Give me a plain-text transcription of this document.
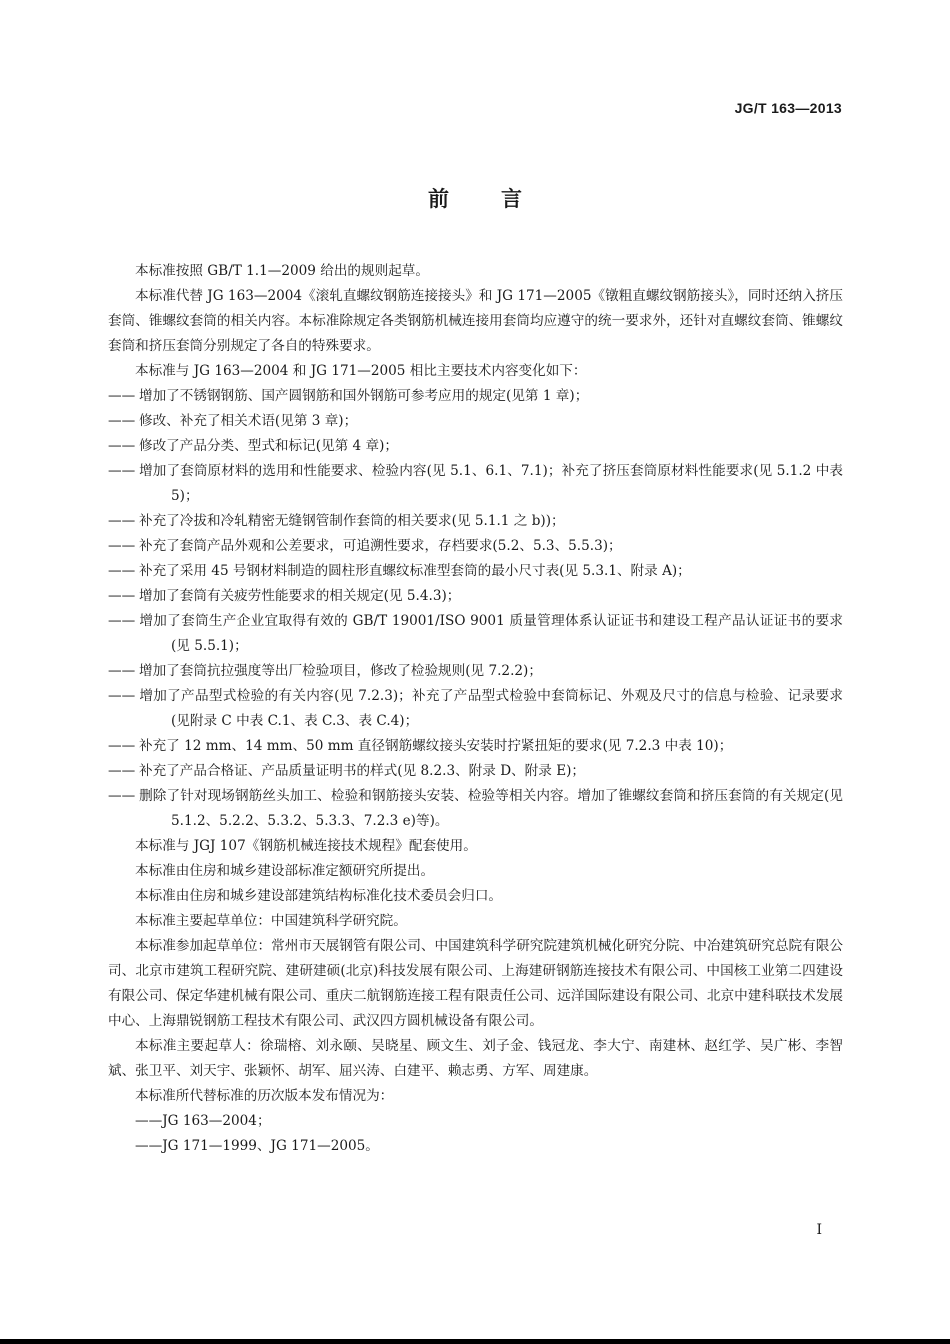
JG/T 163—2013
前言

本标准按照 GB/T 1.1—2009 给出的规则起草。

本标准代替 JG 163—2004《滚轧直螺纹钢筋连接接头》和 JG 171—2005《镦粗直螺纹钢筋接头》，同时还纳入挤压套筒、锥螺纹套筒的相关内容。本标准除规定各类钢筋机械连接用套筒均应遵守的统一要求外，还针对直螺纹套筒、锥螺纹套筒和挤压套筒分别规定了各自的特殊要求。

本标准与 JG 163—2004 和 JG 171—2005 相比主要技术内容变化如下：

—— 增加了不锈钢钢筋、国产圆钢筋和国外钢筋可参考应用的规定(见第 1 章)；

—— 修改、补充了相关术语(见第 3 章)；

—— 修改了产品分类、型式和标记(见第 4 章)；

—— 增加了套筒原材料的选用和性能要求、检验内容(见 5.1、6.1、7.1)；补充了挤压套筒原材料性能要求(见 5.1.2 中表 5)；

—— 补充了冷拔和冷轧精密无缝钢管制作套筒的相关要求(见 5.1.1 之 b))；

—— 补充了套筒产品外观和公差要求，可追溯性要求，存档要求(5.2、5.3、5.5.3)；

—— 补充了采用 45 号钢材料制造的圆柱形直螺纹标准型套筒的最小尺寸表(见 5.3.1、附录 A)；

—— 增加了套筒有关疲劳性能要求的相关规定(见 5.4.3)；

—— 增加了套筒生产企业宜取得有效的 GB/T 19001/ISO 9001 质量管理体系认证证书和建设工程产品认证证书的要求(见 5.5.1)；

—— 增加了套筒抗拉强度等出厂检验项目，修改了检验规则(见 7.2.2)；

—— 增加了产品型式检验的有关内容(见 7.2.3)；补充了产品型式检验中套筒标记、外观及尺寸的信息与检验、记录要求(见附录 C 中表 C.1、表 C.3、表 C.4)；

—— 补充了 12 mm、14 mm、50 mm 直径钢筋螺纹接头安装时拧紧扭矩的要求(见 7.2.3 中表 10)；

—— 补充了产品合格证、产品质量证明书的样式(见 8.2.3、附录 D、附录 E)；

—— 删除了针对现场钢筋丝头加工、检验和钢筋接头安装、检验等相关内容。增加了锥螺纹套筒和挤压套筒的有关规定(见 5.1.2、5.2.2、5.3.2、5.3.3、7.2.3 e)等)。

本标准与 JGJ 107《钢筋机械连接技术规程》配套使用。

本标准由住房和城乡建设部标准定额研究所提出。

本标准由住房和城乡建设部建筑结构标准化技术委员会归口。

本标准主要起草单位：中国建筑科学研究院。

本标准参加起草单位：常州市天展钢管有限公司、中国建筑科学研究院建筑机械化研究分院、中冶建筑研究总院有限公司、北京市建筑工程研究院、建研建硕(北京)科技发展有限公司、上海建研钢筋连接技术有限公司、中国核工业第二四建设有限公司、保定华建机械有限公司、重庆二航钢筋连接工程有限责任公司、远洋国际建设有限公司、北京中建科联技术发展中心、上海鼎锐钢筋工程技术有限公司、武汉四方圆机械设备有限公司。

本标准主要起草人：徐瑞榕、刘永颐、吴晓星、顾文生、刘子金、钱冠龙、李大宁、南建林、赵红学、吴广彬、李智斌、张卫平、刘天宇、张颖怀、胡军、屈兴涛、白建平、赖志勇、方军、周建康。

本标准所代替标准的历次版本发布情况为：

——JG 163—2004；

——JG 171—1999、JG 171—2005。

I
